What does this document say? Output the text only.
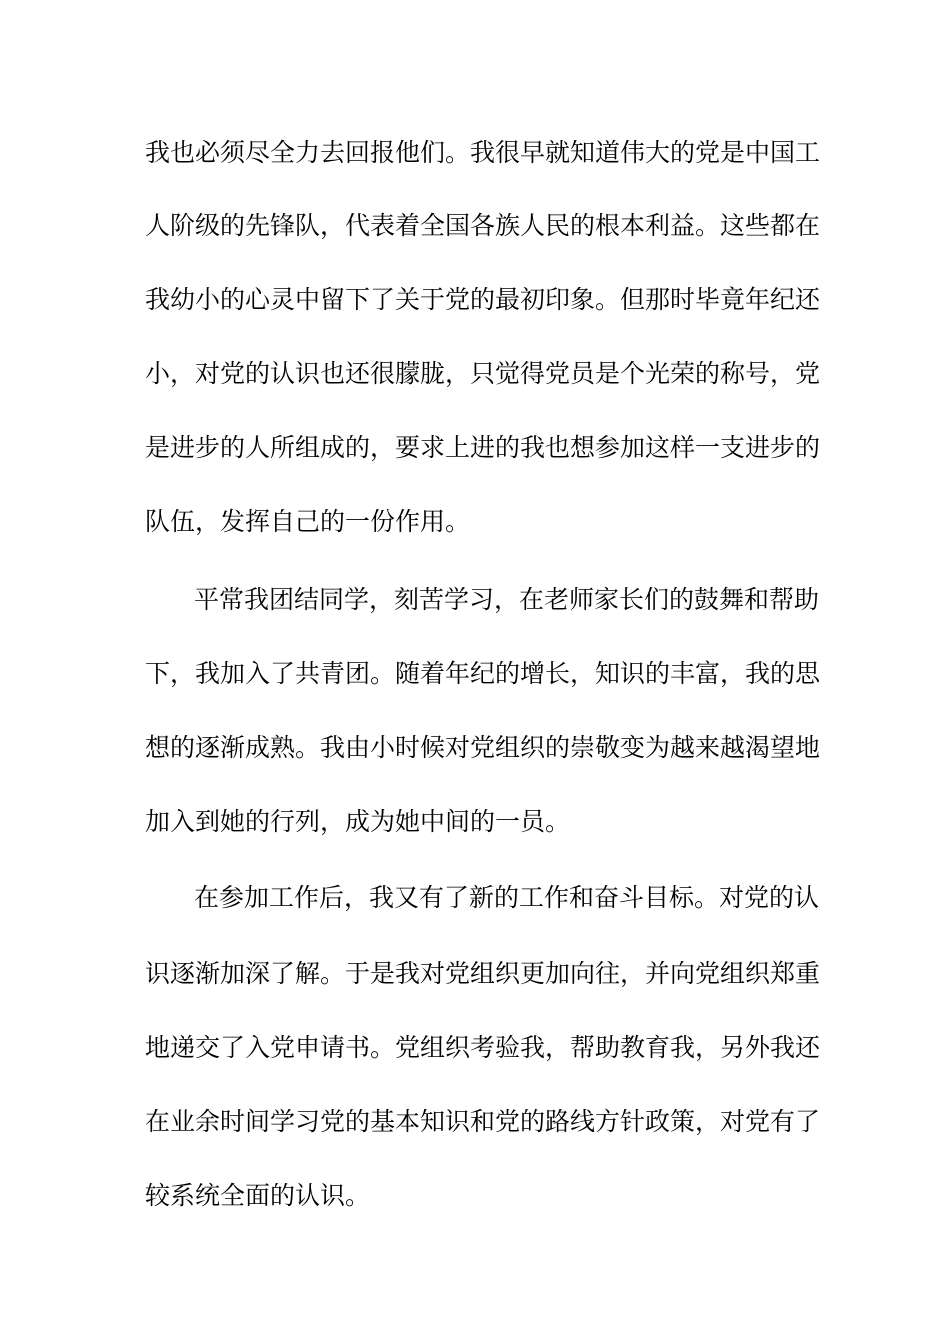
我也必须尽全力去回报他们。我很早就知道伟大的党是中国工
人阶级的先锋队，代表着全国各族人民的根本利益。这些都在
我幼小的心灵中留下了关于党的最初印象。但那时毕竟年纪还
小，对党的认识也还很朦胧，只觉得党员是个光荣的称号，党
是进步的人所组成的，要求上进的我也想参加这样一支进步的
队伍，发挥自己的一份作用。
平常我团结同学，刻苦学习，在老师家长们的鼓舞和帮助
下，我加入了共青团。随着年纪的增长，知识的丰富，我的思
想的逐渐成熟。我由小时候对党组织的崇敬变为越来越渴望地
加入到她的行列，成为她中间的一员。
在参加工作后，我又有了新的工作和奋斗目标。对党的认
识逐渐加深了解。于是我对党组织更加向往，并向党组织郑重
地递交了入党申请书。党组织考验我，帮助教育我，另外我还
在业余时间学习党的基本知识和党的路线方针政策，对党有了
较系统全面的认识。
